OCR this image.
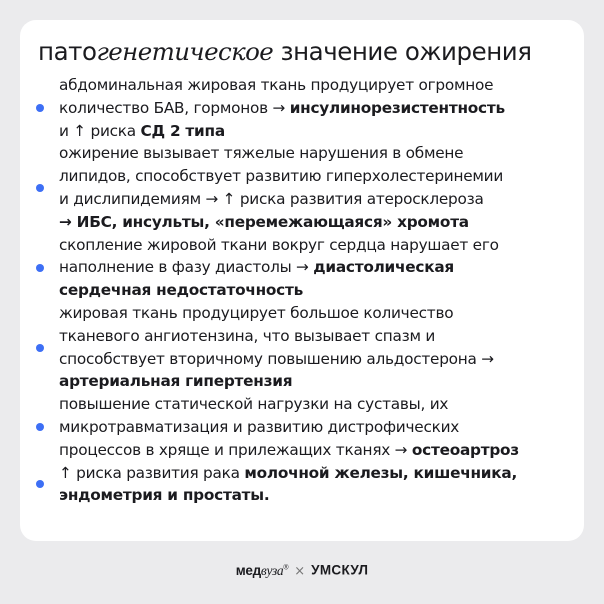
патогенетическое значение ожирения
абдоминальная жировая ткань продуцирует огромное
количество БАВ, гормонов → инсулинорезистентность
и ↑ риска СД 2 типа
ожирение вызывает тяжелые нарушения в обмене
липидов, способствует развитию гиперхолестеринемии
и дислипидемиям → ↑ риска развития атеросклероза
→ ИБС, инсульты, «перемежающаяся» хромота
скопление жировой ткани вокруг сердца нарушает его
наполнение в фазу диастолы → диастолическая
сердечная недостаточность
жировая ткань продуцирует большое количество
тканевого ангиотензина, что вызывает спазм и
способствует вторичному повышению альдостерона →
артериальная гипертензия
повышение статической нагрузки на суставы, их
микротравматизация и развитию дистрофических
процессов в хряще и прилежащих тканях → остеоартроз
↑ риска развития рака молочной железы, кишечника,
эндометрия и простаты.
медвуза® × УМСКУЛ
